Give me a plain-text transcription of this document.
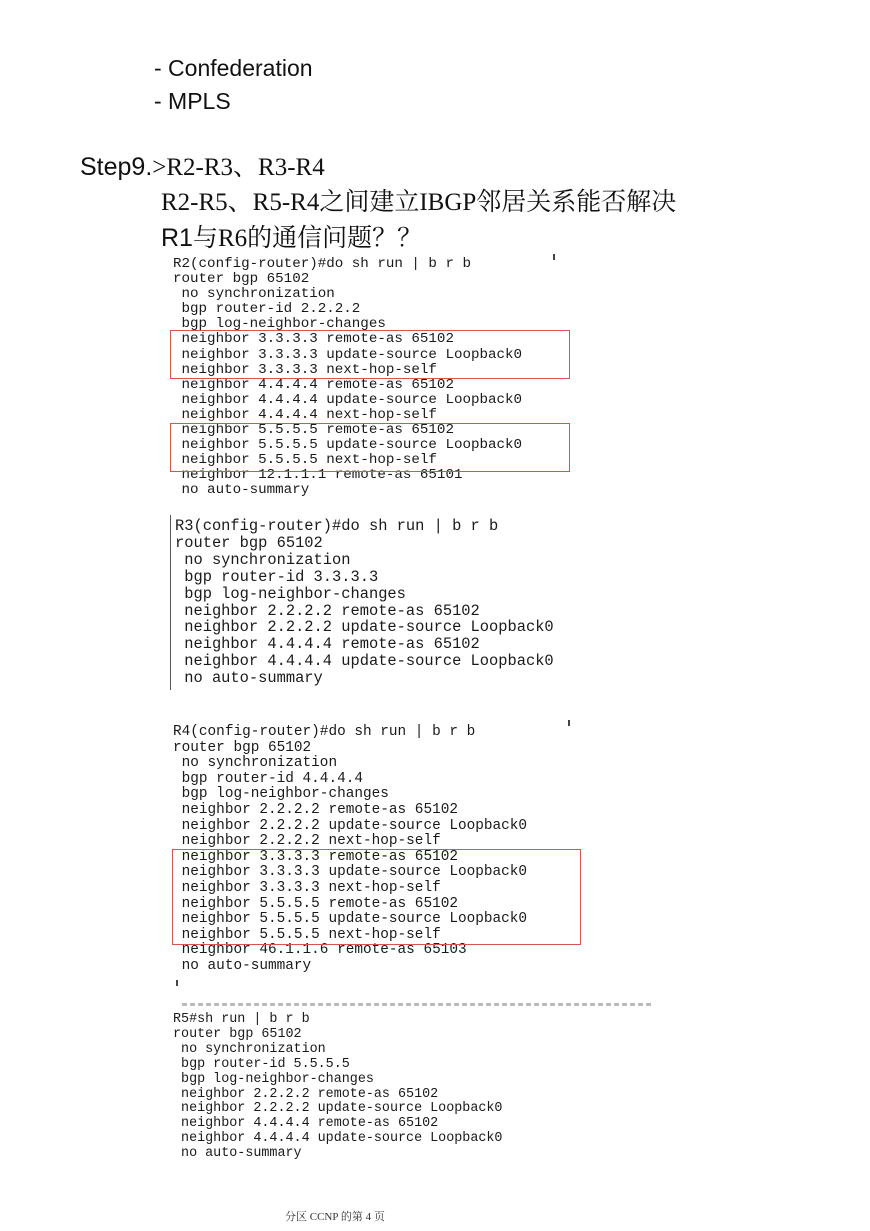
- Confederation
- MPLS
Step9.>R2-R3、R3-R4
R2-R5、R5-R4之间建立IBGP邻居关系能否解决
R1与R6的通信问题？？
R2(config-router)#do sh run | b r b
router bgp 65102
no synchronization
bgp router-id 2.2.2.2
bgp log-neighbor-changes
neighbor 3.3.3.3 remote-as 65102
neighbor 3.3.3.3 update-source Loopback0
neighbor 3.3.3.3 next-hop-self
neighbor 4.4.4.4 remote-as 65102
neighbor 4.4.4.4 update-source Loopback0
neighbor 4.4.4.4 next-hop-self
neighbor 5.5.5.5 remote-as 65102
neighbor 5.5.5.5 update-source Loopback0
neighbor 5.5.5.5 next-hop-self
neighbor 12.1.1.1 remote-as 65101
no auto-summary
R3(config-router)#do sh run | b r b
router bgp 65102
no synchronization
bgp router-id 3.3.3.3
bgp log-neighbor-changes
neighbor 2.2.2.2 remote-as 65102
neighbor 2.2.2.2 update-source Loopback0
neighbor 4.4.4.4 remote-as 65102
neighbor 4.4.4.4 update-source Loopback0
no auto-summary
R4(config-router)#do sh run | b r b
router bgp 65102
no synchronization
bgp router-id 4.4.4.4
bgp log-neighbor-changes
neighbor 2.2.2.2 remote-as 65102
neighbor 2.2.2.2 update-source Loopback0
neighbor 2.2.2.2 next-hop-self
neighbor 3.3.3.3 remote-as 65102
neighbor 3.3.3.3 update-source Loopback0
neighbor 3.3.3.3 next-hop-self
neighbor 5.5.5.5 remote-as 65102
neighbor 5.5.5.5 update-source Loopback0
neighbor 5.5.5.5 next-hop-self
neighbor 46.1.1.6 remote-as 65103
no auto-summary
R5#sh run | b r b
router bgp 65102
no synchronization
bgp router-id 5.5.5.5
bgp log-neighbor-changes
neighbor 2.2.2.2 remote-as 65102
neighbor 2.2.2.2 update-source Loopback0
neighbor 4.4.4.4 remote-as 65102
neighbor 4.4.4.4 update-source Loopback0
no auto-summary
分区 CCNP 的第 4 页
